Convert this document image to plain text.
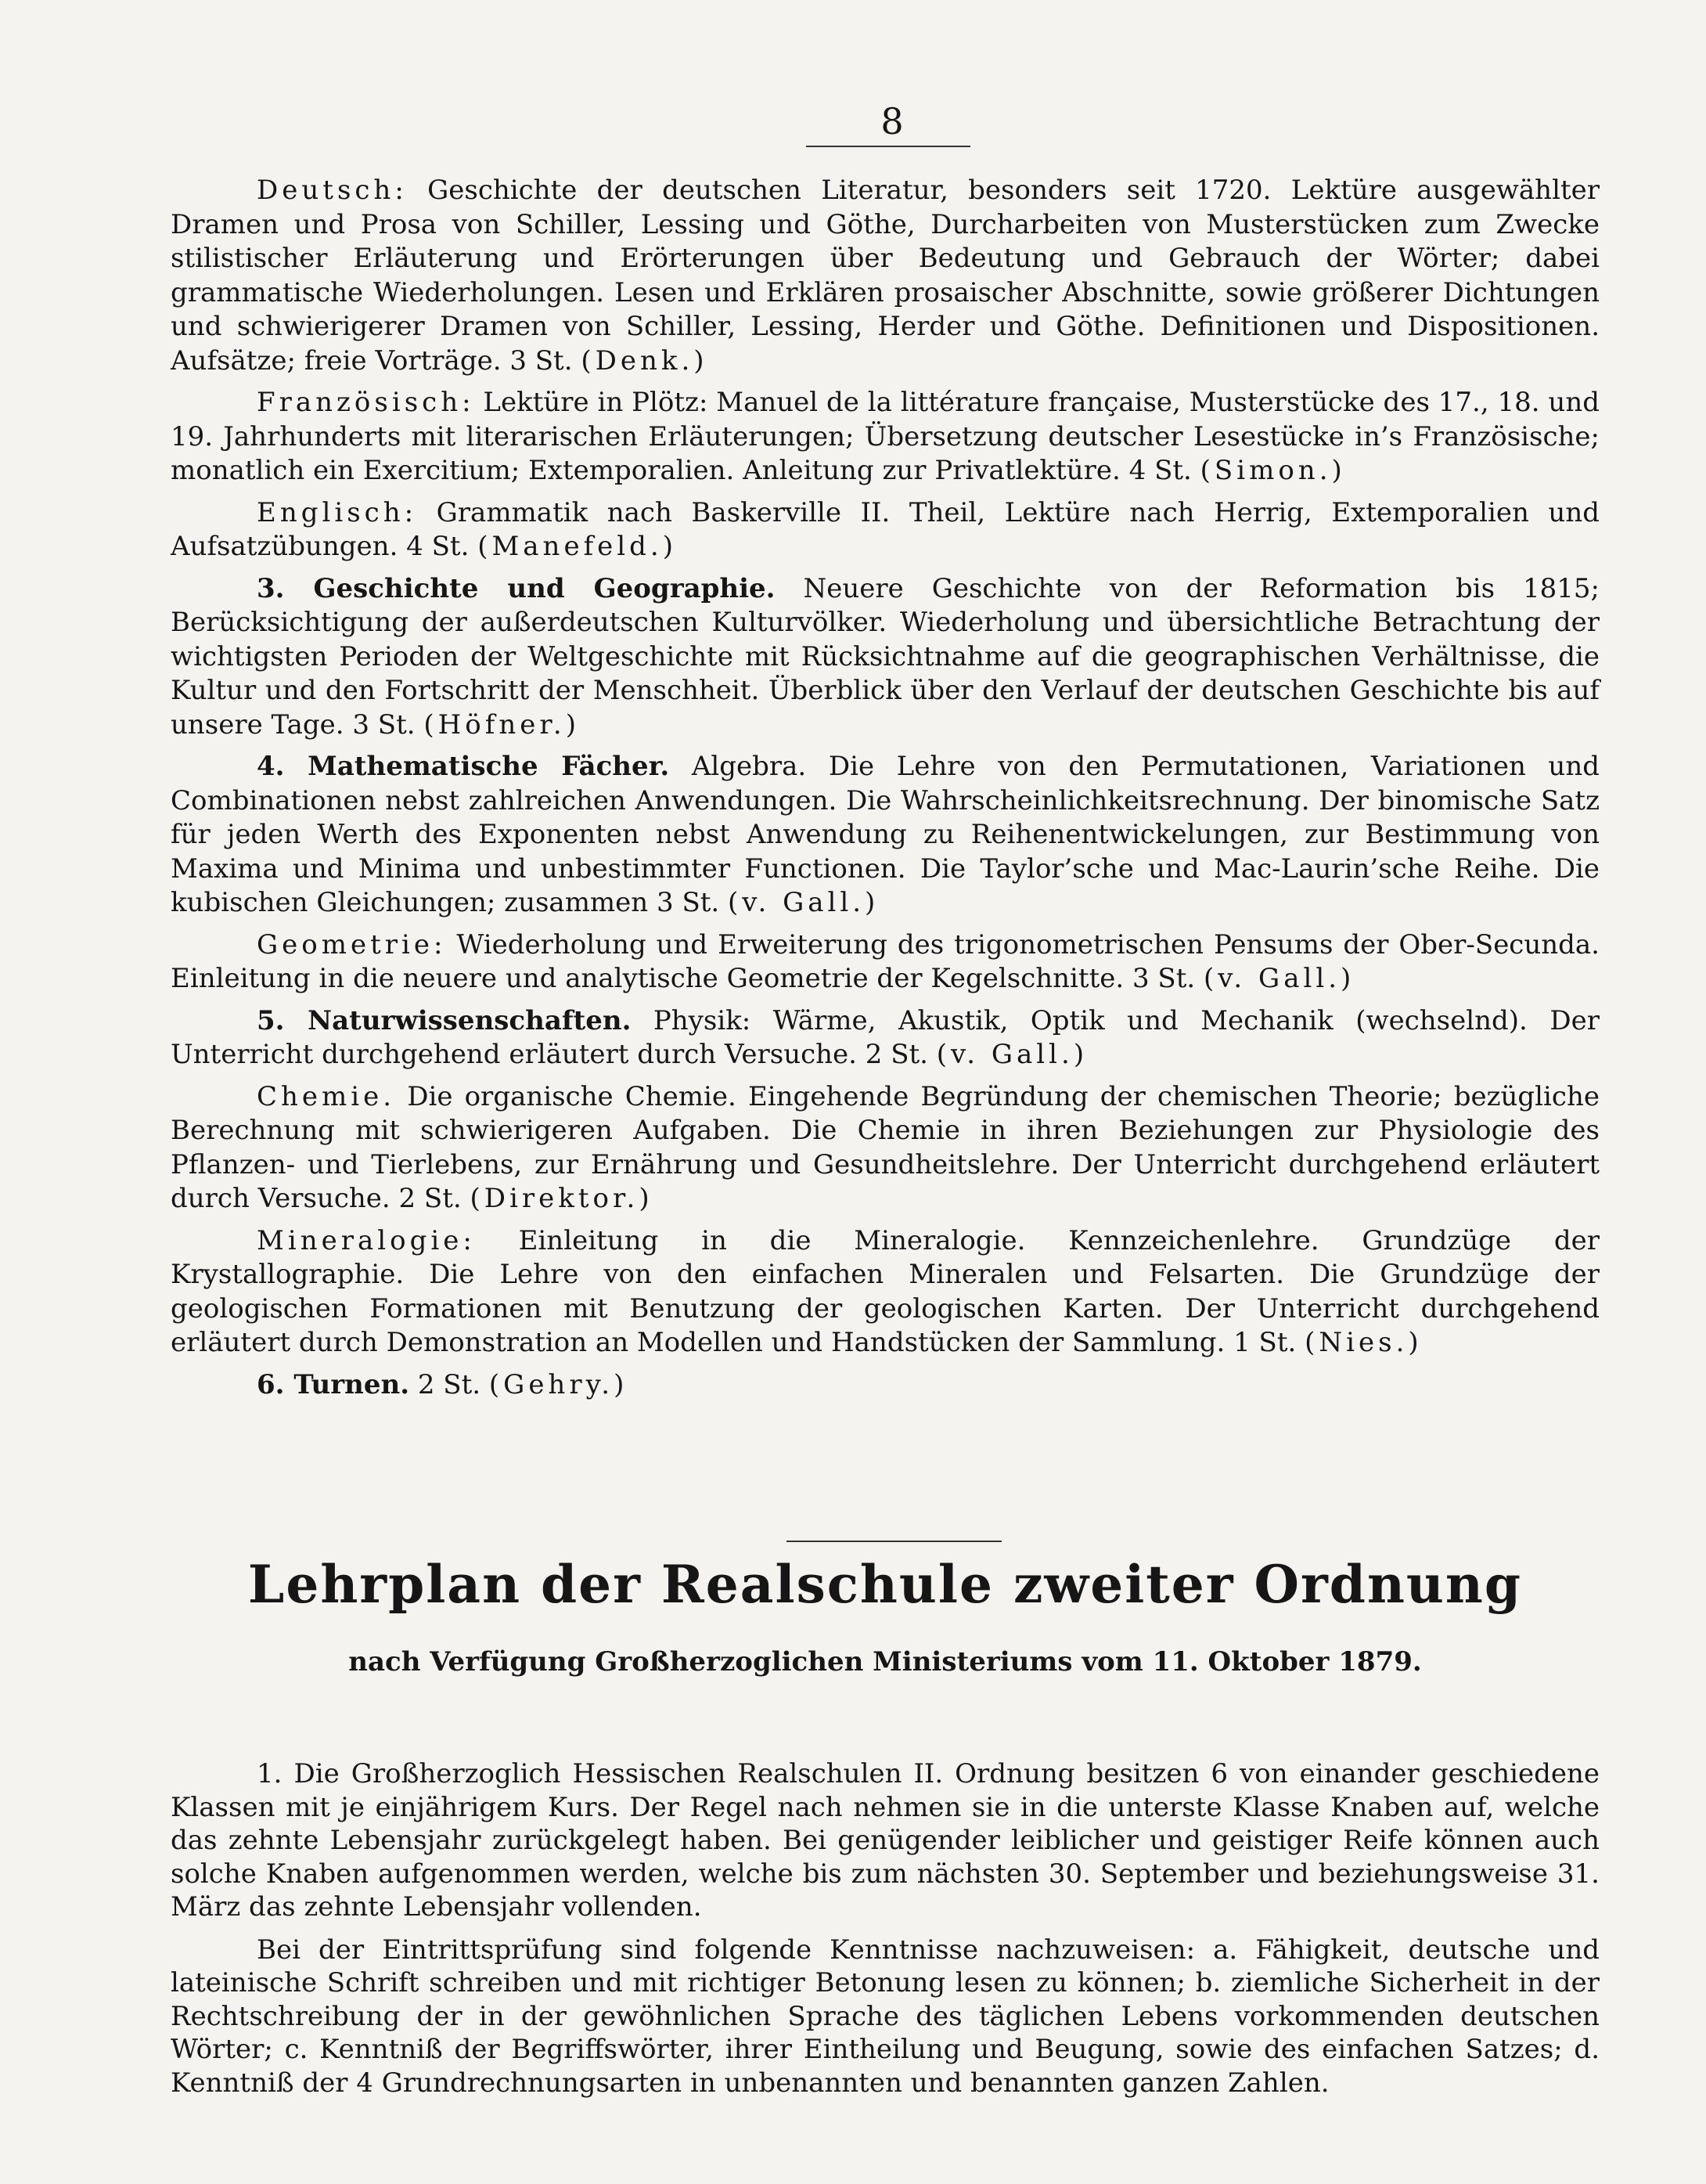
8

Deutsch: Geschichte der deutschen Literatur, besonders seit 1720. Lektüre ausgewählter Dramen und Prosa von Schiller, Lessing und Göthe, Durcharbeiten von Musterstücken zum Zwecke stilistischer Erläuterung und Erörterungen über Bedeutung und Gebrauch der Wörter; dabei grammatische Wiederholungen. Lesen und Erklären prosaischer Abschnitte, sowie größerer Dichtungen und schwierigerer Dramen von Schiller, Lessing, Herder und Göthe. Definitionen und Dispositionen. Aufsätze; freie Vorträge. 3 St. (Denk.)

Französisch: Lektüre in Plötz: Manuel de la littérature française, Musterstücke des 17., 18. und 19. Jahrhunderts mit literarischen Erläuterungen; Übersetzung deutscher Lesestücke in’s Französische; monatlich ein Exercitium; Extemporalien. Anleitung zur Privatlektüre. 4 St. (Simon.)

Englisch: Grammatik nach Baskerville II. Theil, Lektüre nach Herrig, Extemporalien und Aufsatzübungen. 4 St. (Manefeld.)

3. Geschichte und Geographie. Neuere Geschichte von der Reformation bis 1815; Berücksichtigung der außerdeutschen Kulturvölker. Wiederholung und übersichtliche Betrachtung der wichtigsten Perioden der Weltgeschichte mit Rücksichtnahme auf die geographischen Verhältnisse, die Kultur und den Fortschritt der Menschheit. Überblick über den Verlauf der deutschen Geschichte bis auf unsere Tage. 3 St. (Höfner.)

4. Mathematische Fächer. Algebra. Die Lehre von den Permutationen, Variationen und Combinationen nebst zahlreichen Anwendungen. Die Wahrscheinlichkeitsrechnung. Der binomische Satz für jeden Werth des Exponenten nebst Anwendung zu Reihenentwickelungen, zur Bestimmung von Maxima und Minima und unbestimmter Functionen. Die Taylor’sche und Mac-Laurin’sche Reihe. Die kubischen Gleichungen; zusammen 3 St. (v. Gall.)

Geometrie: Wiederholung und Erweiterung des trigonometrischen Pensums der Ober-Secunda. Einleitung in die neuere und analytische Geometrie der Kegelschnitte. 3 St. (v. Gall.)

5. Naturwissenschaften. Physik: Wärme, Akustik, Optik und Mechanik (wechselnd). Der Unterricht durchgehend erläutert durch Versuche. 2 St. (v. Gall.)

Chemie. Die organische Chemie. Eingehende Begründung der chemischen Theorie; bezügliche Berechnung mit schwierigeren Aufgaben. Die Chemie in ihren Beziehungen zur Physiologie des Pflanzen- und Tierlebens, zur Ernährung und Gesundheitslehre. Der Unterricht durchgehend erläutert durch Versuche. 2 St. (Direktor.)

Mineralogie: Einleitung in die Mineralogie. Kennzeichenlehre. Grundzüge der Krystallographie. Die Lehre von den einfachen Mineralen und Felsarten. Die Grundzüge der geologischen Formationen mit Benutzung der geologischen Karten. Der Unterricht durchgehend erläutert durch Demonstration an Modellen und Handstücken der Sammlung. 1 St. (Nies.)

6. Turnen. 2 St. (Gehry.)

Lehrplan der Realschule zweiter Ordnung
nach Verfügung Großherzoglichen Ministeriums vom 11. Oktober 1879.

1. Die Großherzoglich Hessischen Realschulen II. Ordnung besitzen 6 von einander geschiedene Klassen mit je einjährigem Kurs. Der Regel nach nehmen sie in die unterste Klasse Knaben auf, welche das zehnte Lebensjahr zurückgelegt haben. Bei genügender leiblicher und geistiger Reife können auch solche Knaben aufgenommen werden, welche bis zum nächsten 30. September und beziehungsweise 31. März das zehnte Lebensjahr vollenden.

Bei der Eintrittsprüfung sind folgende Kenntnisse nachzuweisen: a. Fähigkeit, deutsche und lateinische Schrift schreiben und mit richtiger Betonung lesen zu können; b. ziemliche Sicherheit in der Rechtschreibung der in der gewöhnlichen Sprache des täglichen Lebens vorkommenden deutschen Wörter; c. Kenntniß der Begriffswörter, ihrer Eintheilung und Beugung, sowie des einfachen Satzes; d. Kenntniß der 4 Grundrechnungsarten in unbenannten und benannten ganzen Zahlen.
